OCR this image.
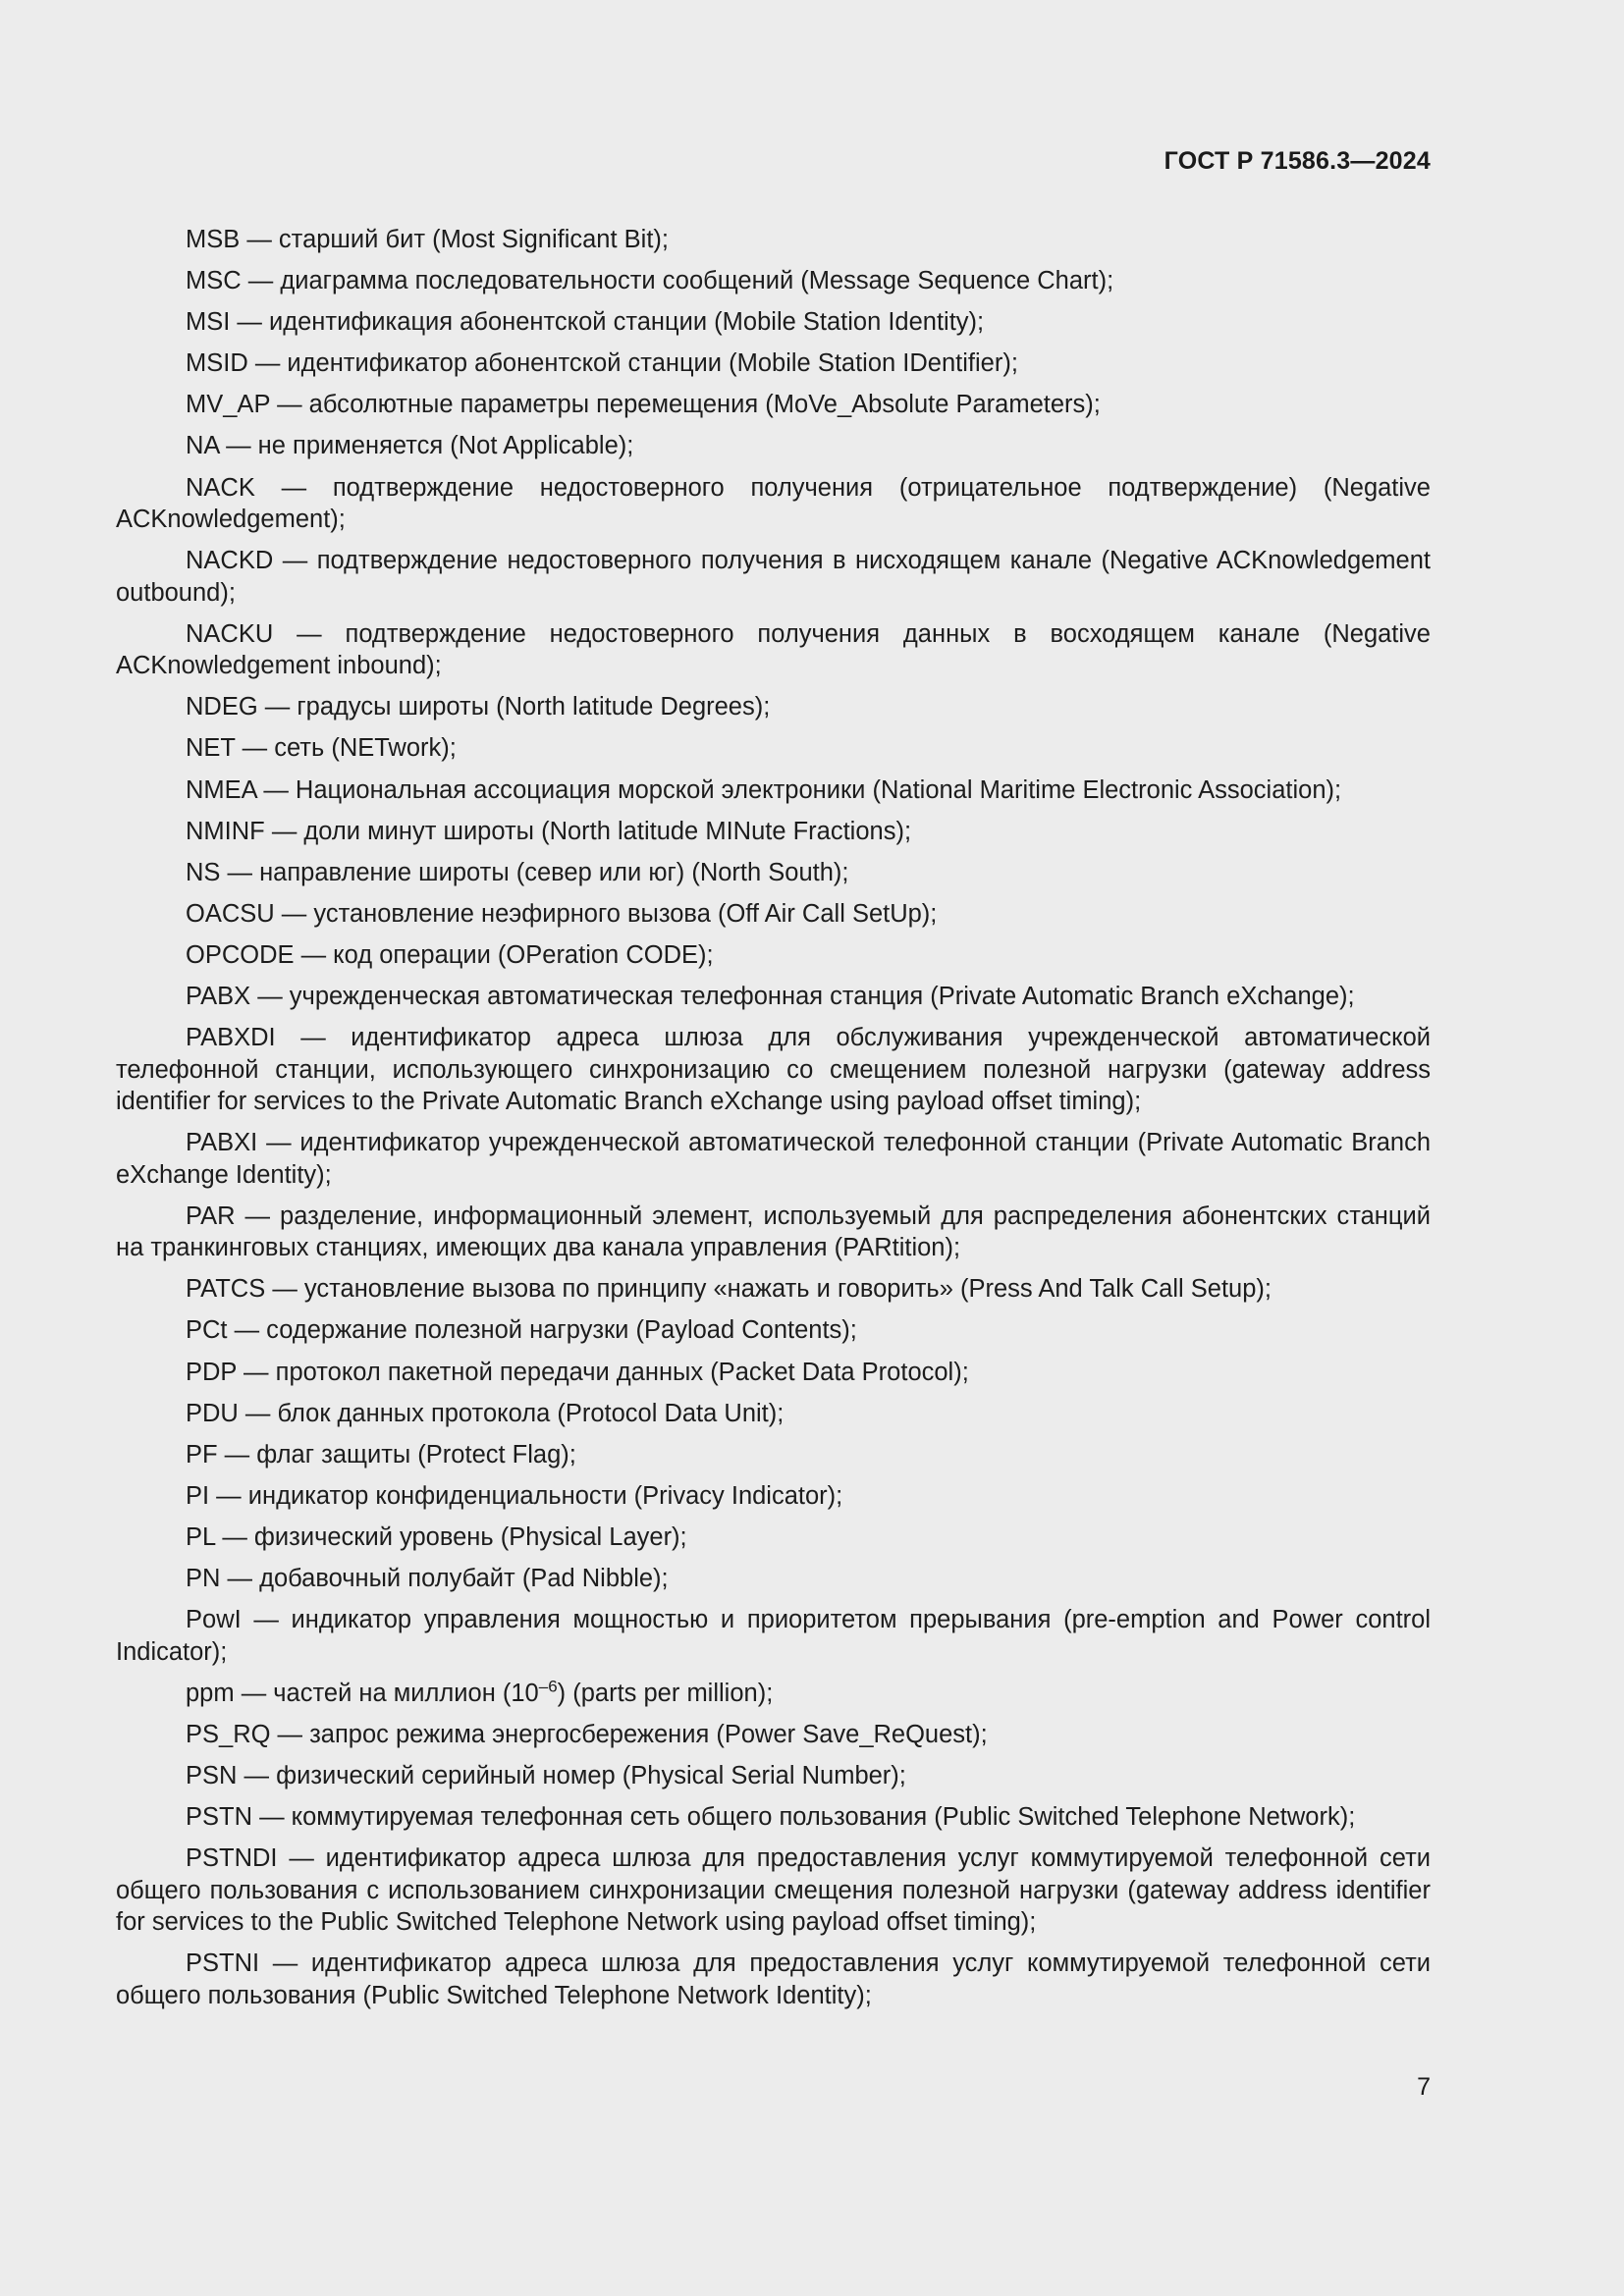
ГОСТ Р 71586.3—2024

MSB — старший бит (Most Significant Bit);

MSC — диаграмма последовательности сообщений (Message Sequence Chart);

MSI — идентификация абонентской станции (Mobile Station Identity);

MSID — идентификатор абонентской станции (Mobile Station IDentifier);

MV_AP — абсолютные параметры перемещения (MoVe_Absolute Parameters);

NA — не применяется (Not Applicable);

NACK — подтверждение недостоверного получения (отрицательное подтверждение) (Negative ACKnowledgement);

NACKD — подтверждение недостоверного получения в нисходящем канале (Negative ACKnowledgement outbound);

NACKU — подтверждение недостоверного получения данных в восходящем канале (Negative ACKnowledgement inbound);

NDEG — градусы широты (North latitude Degrees);

NET — сеть (NETwork);

NMEA — Национальная ассоциация морской электроники (National Maritime Electronic Association);

NMINF — доли минут широты (North latitude MINute Fractions);

NS — направление широты (север или юг) (North South);

OACSU — установление неэфирного вызова (Off Air Call SetUp);

OPCODE — код операции (OPeration CODE);

PABX — учрежденческая автоматическая телефонная станция (Private Automatic Branch eXchange);

PABXDI — идентификатор адреса шлюза для обслуживания учрежденческой автоматической телефонной станции, использующего синхронизацию со смещением полезной нагрузки (gateway address identifier for services to the Private Automatic Branch eXchange using payload offset timing);

PABXI — идентификатор учрежденческой автоматической телефонной станции (Private Automatic Branch eXchange Identity);

PAR — разделение, информационный элемент, используемый для распределения абонентских станций на транкинговых станциях, имеющих два канала управления (PARtition);

PATCS — установление вызова по принципу «нажать и говорить» (Press And Talk Call Setup);

PCt — содержание полезной нагрузки (Payload Contents);

PDP — протокол пакетной передачи данных (Packet Data Protocol);

PDU — блок данных протокола (Protocol Data Unit);

PF — флаг защиты (Protect Flag);

PI — индикатор конфиденциальности (Privacy Indicator);

PL — физический уровень (Physical Layer);

PN — добавочный полубайт (Pad Nibble);

PowI — индикатор управления мощностью и приоритетом прерывания (pre-emption and Power control Indicator);

ppm — частей на миллион $(10^{-6})$ (parts per million);

PS_RQ — запрос режима энергосбережения (Power Save_ReQuest);

PSN — физический серийный номер (Physical Serial Number);

PSTN — коммутируемая телефонная сеть общего пользования (Public Switched Telephone Network);

PSTNDI — идентификатор адреса шлюза для предоставления услуг коммутируемой телефонной сети общего пользования с использованием синхронизации смещения полезной нагрузки (gateway address identifier for services to the Public Switched Telephone Network using payload offset timing);

PSTNI — идентификатор адреса шлюза для предоставления услуг коммутируемой телефонной сети общего пользования (Public Switched Telephone Network Identity);

7
